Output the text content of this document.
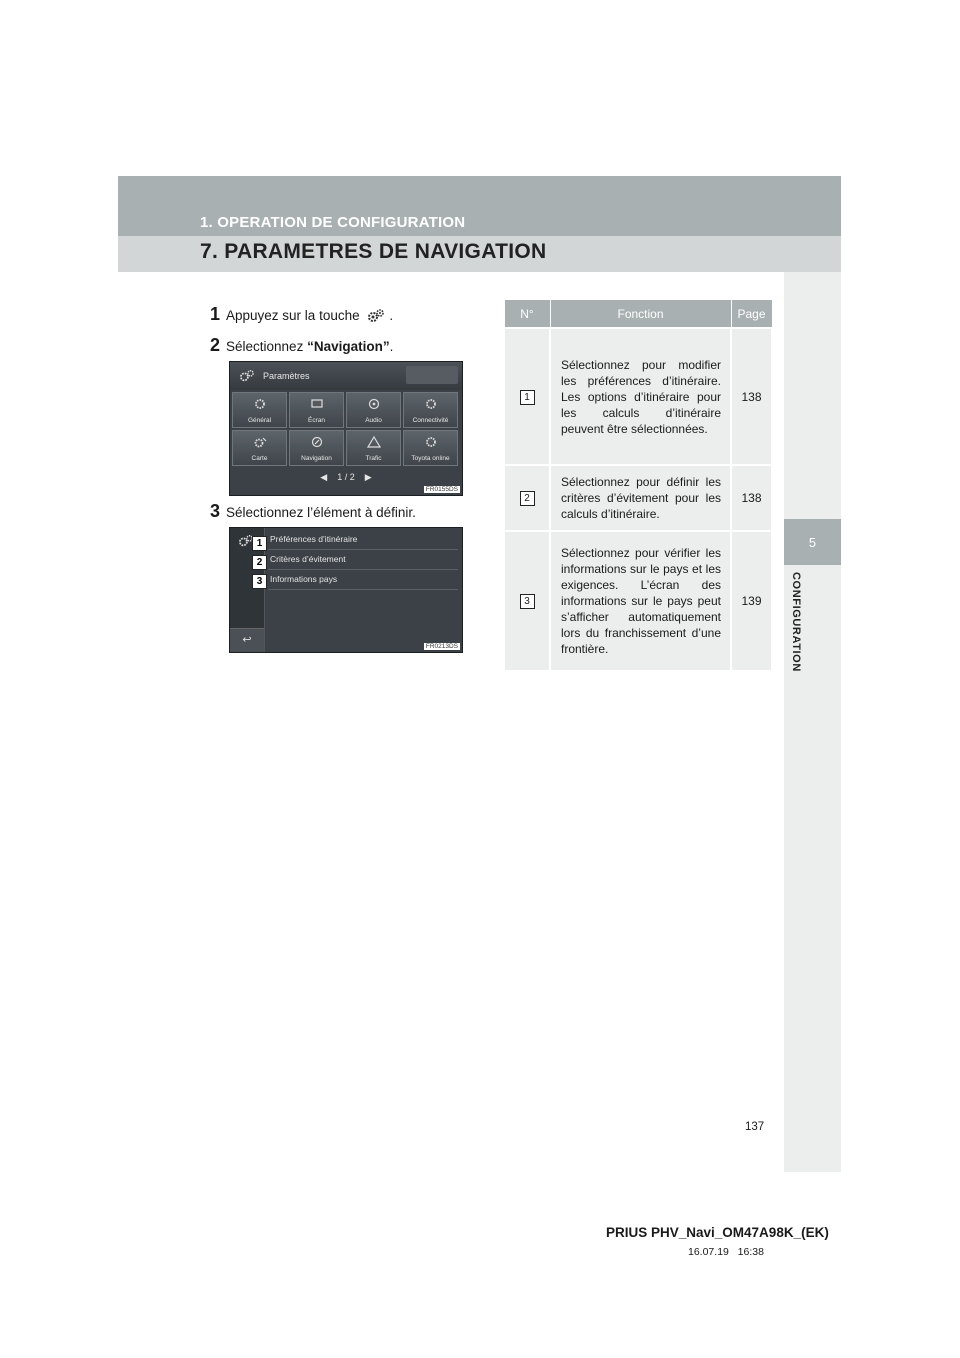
1. OPERATION DE CONFIGURATION
7. PARAMETRES DE NAVIGATION
5
CONFIGURATION
1 Appuyez sur la touche .
2 Sélectionnez “Navigation”.
Paramètres
Général	Écran	Audio	Connectivité
Carte	Navigation	Trafic	Toyota online
◀ 1 / 2 ▶
FR0155DS
3 Sélectionnez l’élément à définir.
↩
Préférences d’itinéraire
Critères d’évitement
Informations pays
1
2
3
FR0213DS
N°	Fonction	Page
1	Sélectionnez pour modifier les préférences d’itinéraire. Les options d’itinéraire pour les calculs d’itinéraire peuvent être sélectionnées.	138
2	Sélectionnez pour définir les critères d’évitement pour les calculs d’itinéraire.	138
3	Sélectionnez pour vérifier les informations sur le pays et les exigences. L’écran des informations sur le pays peut s’afficher automatiquement lors du franchissement d’une frontière.	139
137
PRIUS PHV_Navi_OM47A98K_(EK)
16.07.19 16:38
